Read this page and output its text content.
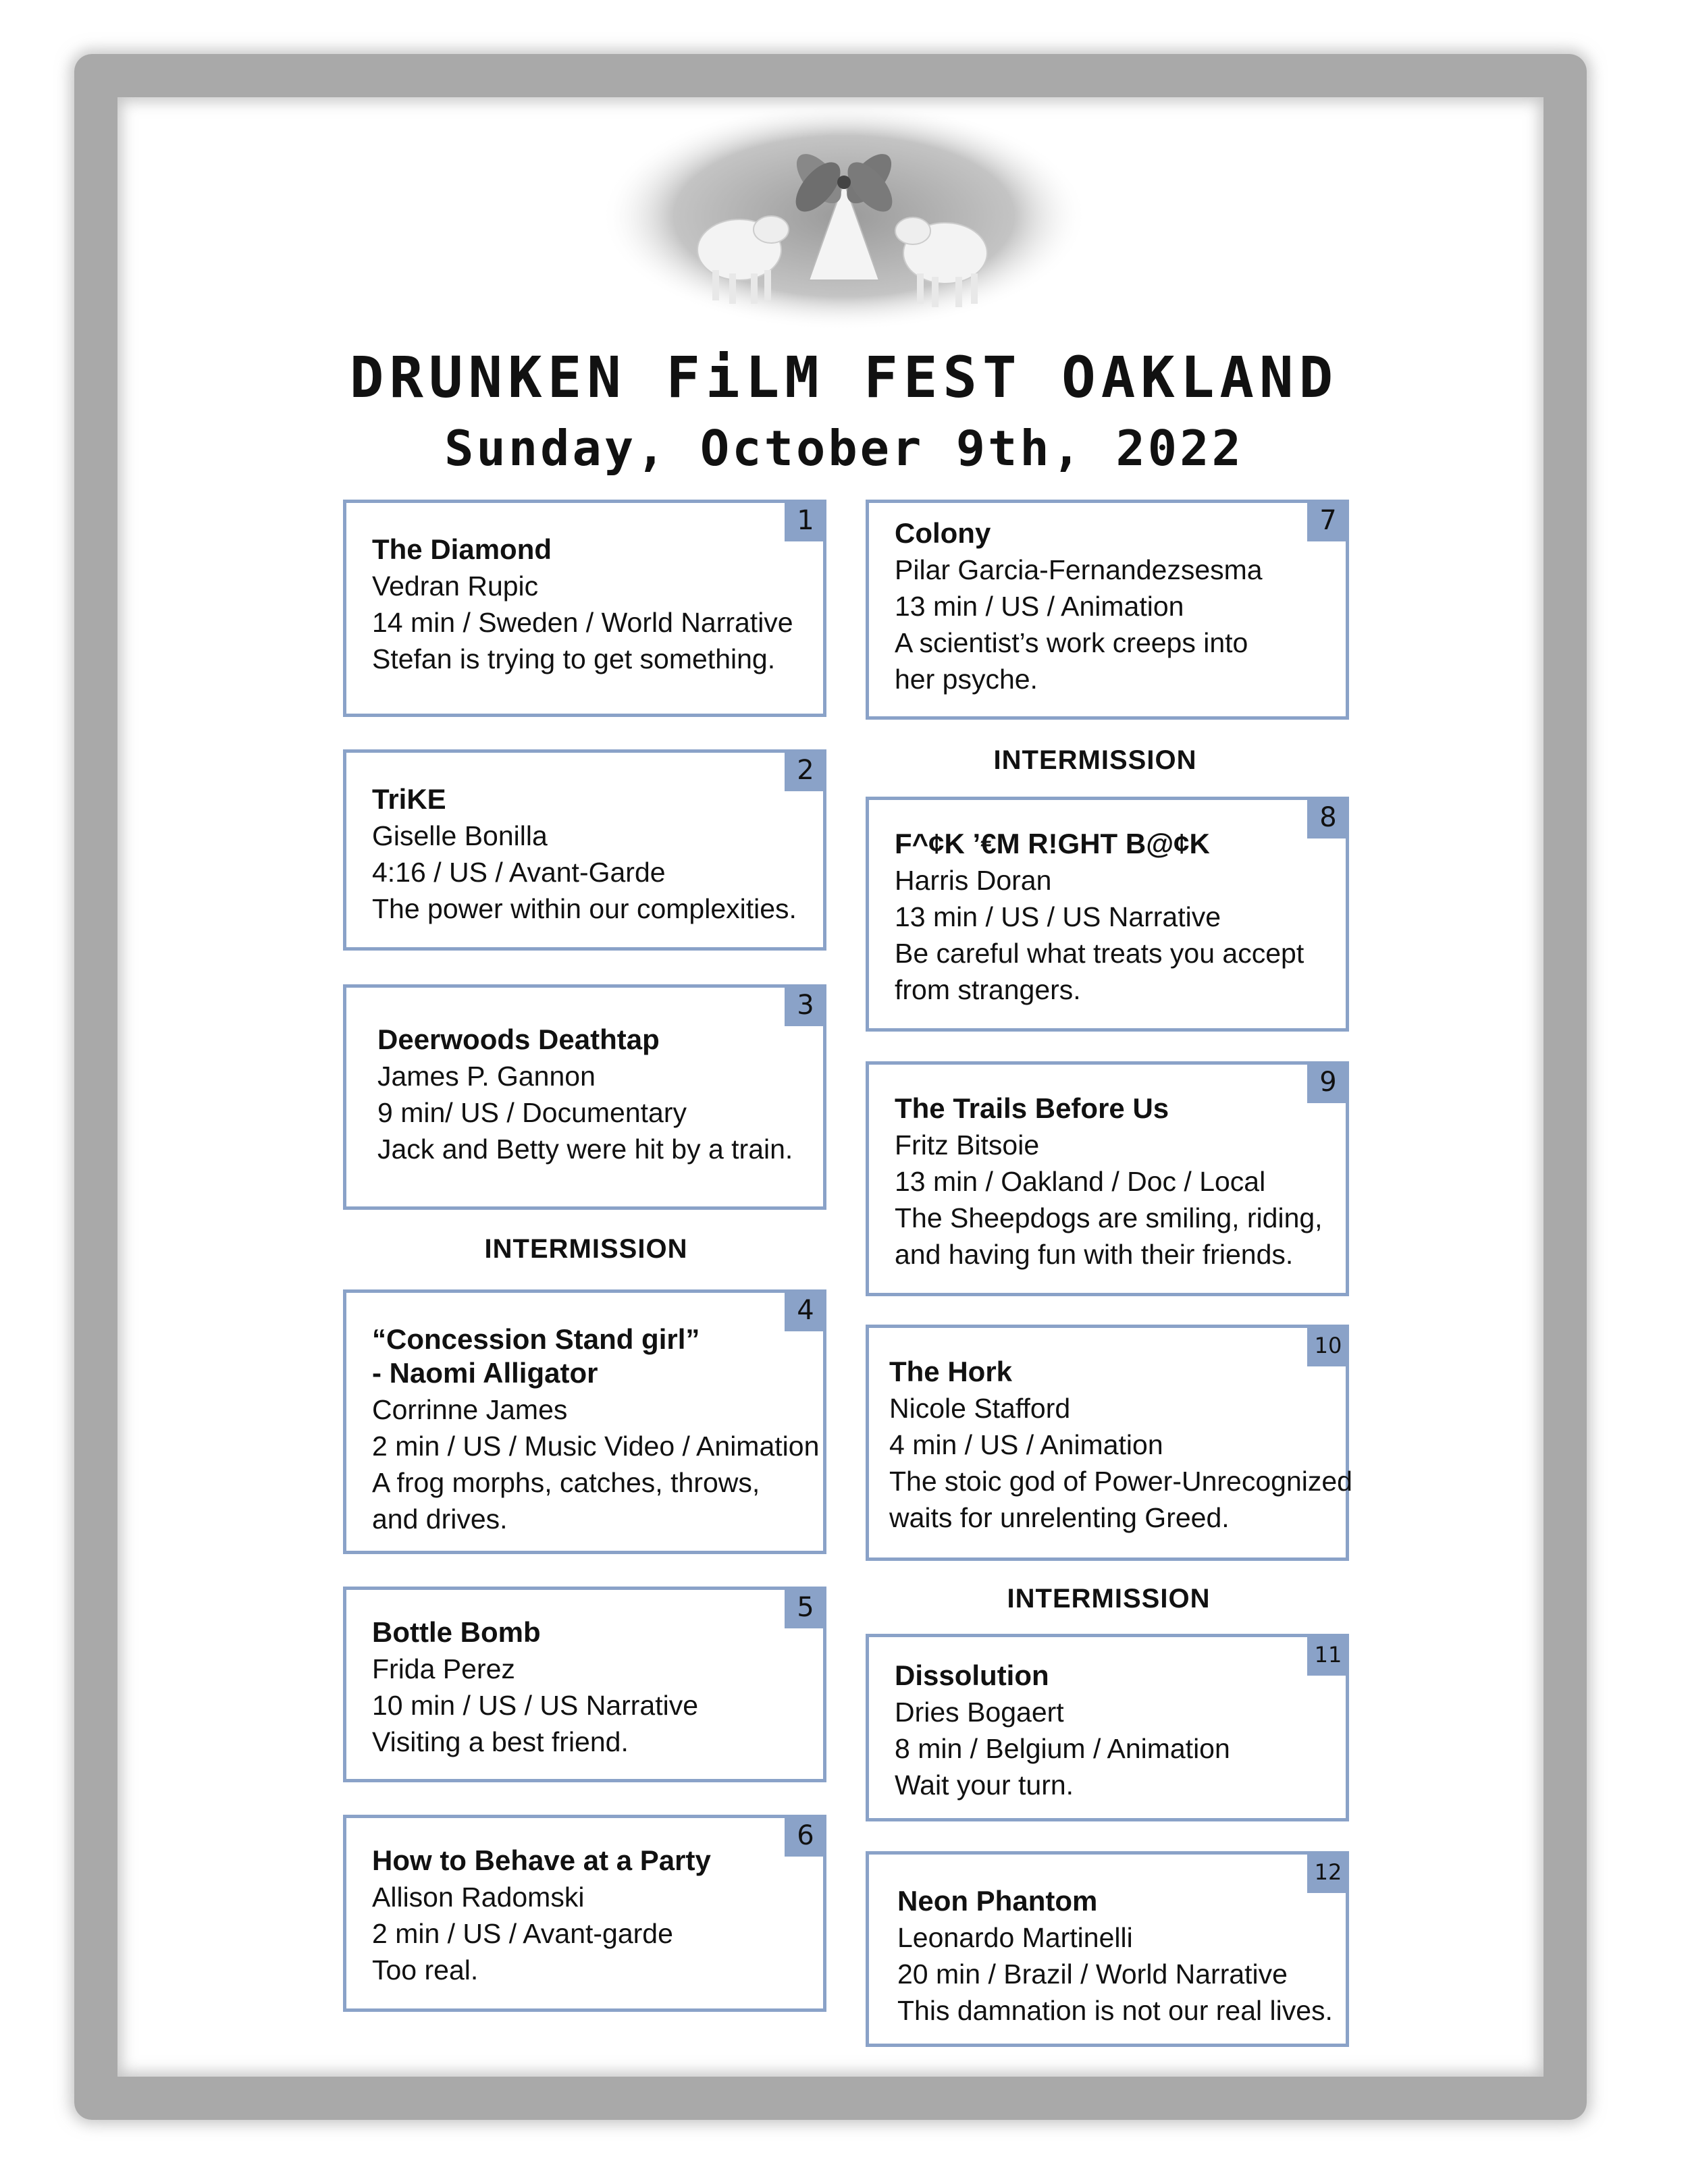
DRUNKEN FiLM FEST OAKLAND
Sunday, October 9th, 2022
1
The Diamond
Vedran Rupic
14 min / Sweden / World Narrative
Stefan is trying to get something.
2
TriKE
Giselle Bonilla
4:16 / US / Avant-Garde
The power within our complexities.
3
Deerwoods Deathtap
James P. Gannon
9 min/ US / Documentary
Jack and Betty were hit by a train.
INTERMISSION
4
“Concession Stand girl”
- Naomi Alligator
Corrinne James
2 min / US / Music Video / Animation
A frog morphs, catches, throws,
and drives.
5
Bottle Bomb
Frida Perez
10 min / US / US Narrative
Visiting a best friend.
6
How to Behave at a Party
Allison Radomski
2 min / US / Avant-garde
Too real.
7
Colony
Pilar Garcia-Fernandezsesma
13 min / US / Animation
A scientist’s work creeps into
her psyche.
INTERMISSION
8
F^¢K ’€M R!GHT B@¢K
Harris Doran
13 min / US / US Narrative
Be careful what treats you accept
from strangers.
9
The Trails Before Us
Fritz Bitsoie
13 min / Oakland / Doc / Local
The Sheepdogs are smiling, riding,
and having fun with their friends.
10
The Hork
Nicole Stafford
4 min / US / Animation
The stoic god of Power-Unrecognized
waits for unrelenting Greed.
INTERMISSION
11
Dissolution
Dries Bogaert
8 min / Belgium / Animation
Wait your turn.
12
Neon Phantom
Leonardo Martinelli
20 min / Brazil / World Narrative
This damnation is not our real lives.
